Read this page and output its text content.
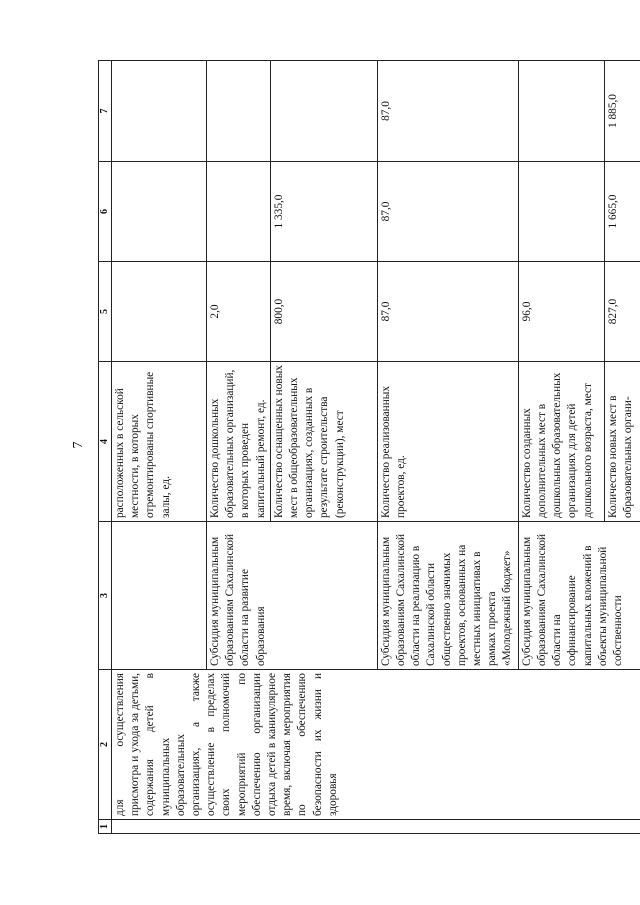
7
1	2	3	4	5	6	7
	для осуществления присмотра и ухода за детьми, содержания детей в муниципальных образовательных организациях, а также осуществление в пределах своих полномочий мероприятий по обеспечению организации отдыха детей в каникулярное время, включая мероприятия по обеспечению безопасности их жизни и здоровья		расположенных в сельской местности, в которых отремонтированы спортивные залы, ед.			
		Субсидия муниципальным образованиям Сахалинской области на развитие образования	Количество дошкольных образовательных организаций, в которых проведен капитальный ремонт, ед.	2,0		
			Количество оснащенных новых мест в общеобразовательных организациях, созданных в результате строительства (реконструкции), мест	800,0	1 335,0	
		Субсидия муниципальным образованиям Сахалинской области на реализацию в Сахалинской области общественно значимых проектов, основанных на местных инициативах в рамках проекта «Молодежный бюджет»	Количество реализованных проектов, ед.	87,0	87,0	87,0
		Субсидия муниципальным образованиям Сахалинской области на софинансирование капитальных вложений в объекты муниципальной собственности	Количество созданных дополнительных мест в дошкольных образовательных организациях для детей дошкольного возраста, мест	96,0		
			Количество новых мест в образовательных органи-	827,0	1 665,0	1 885,0
